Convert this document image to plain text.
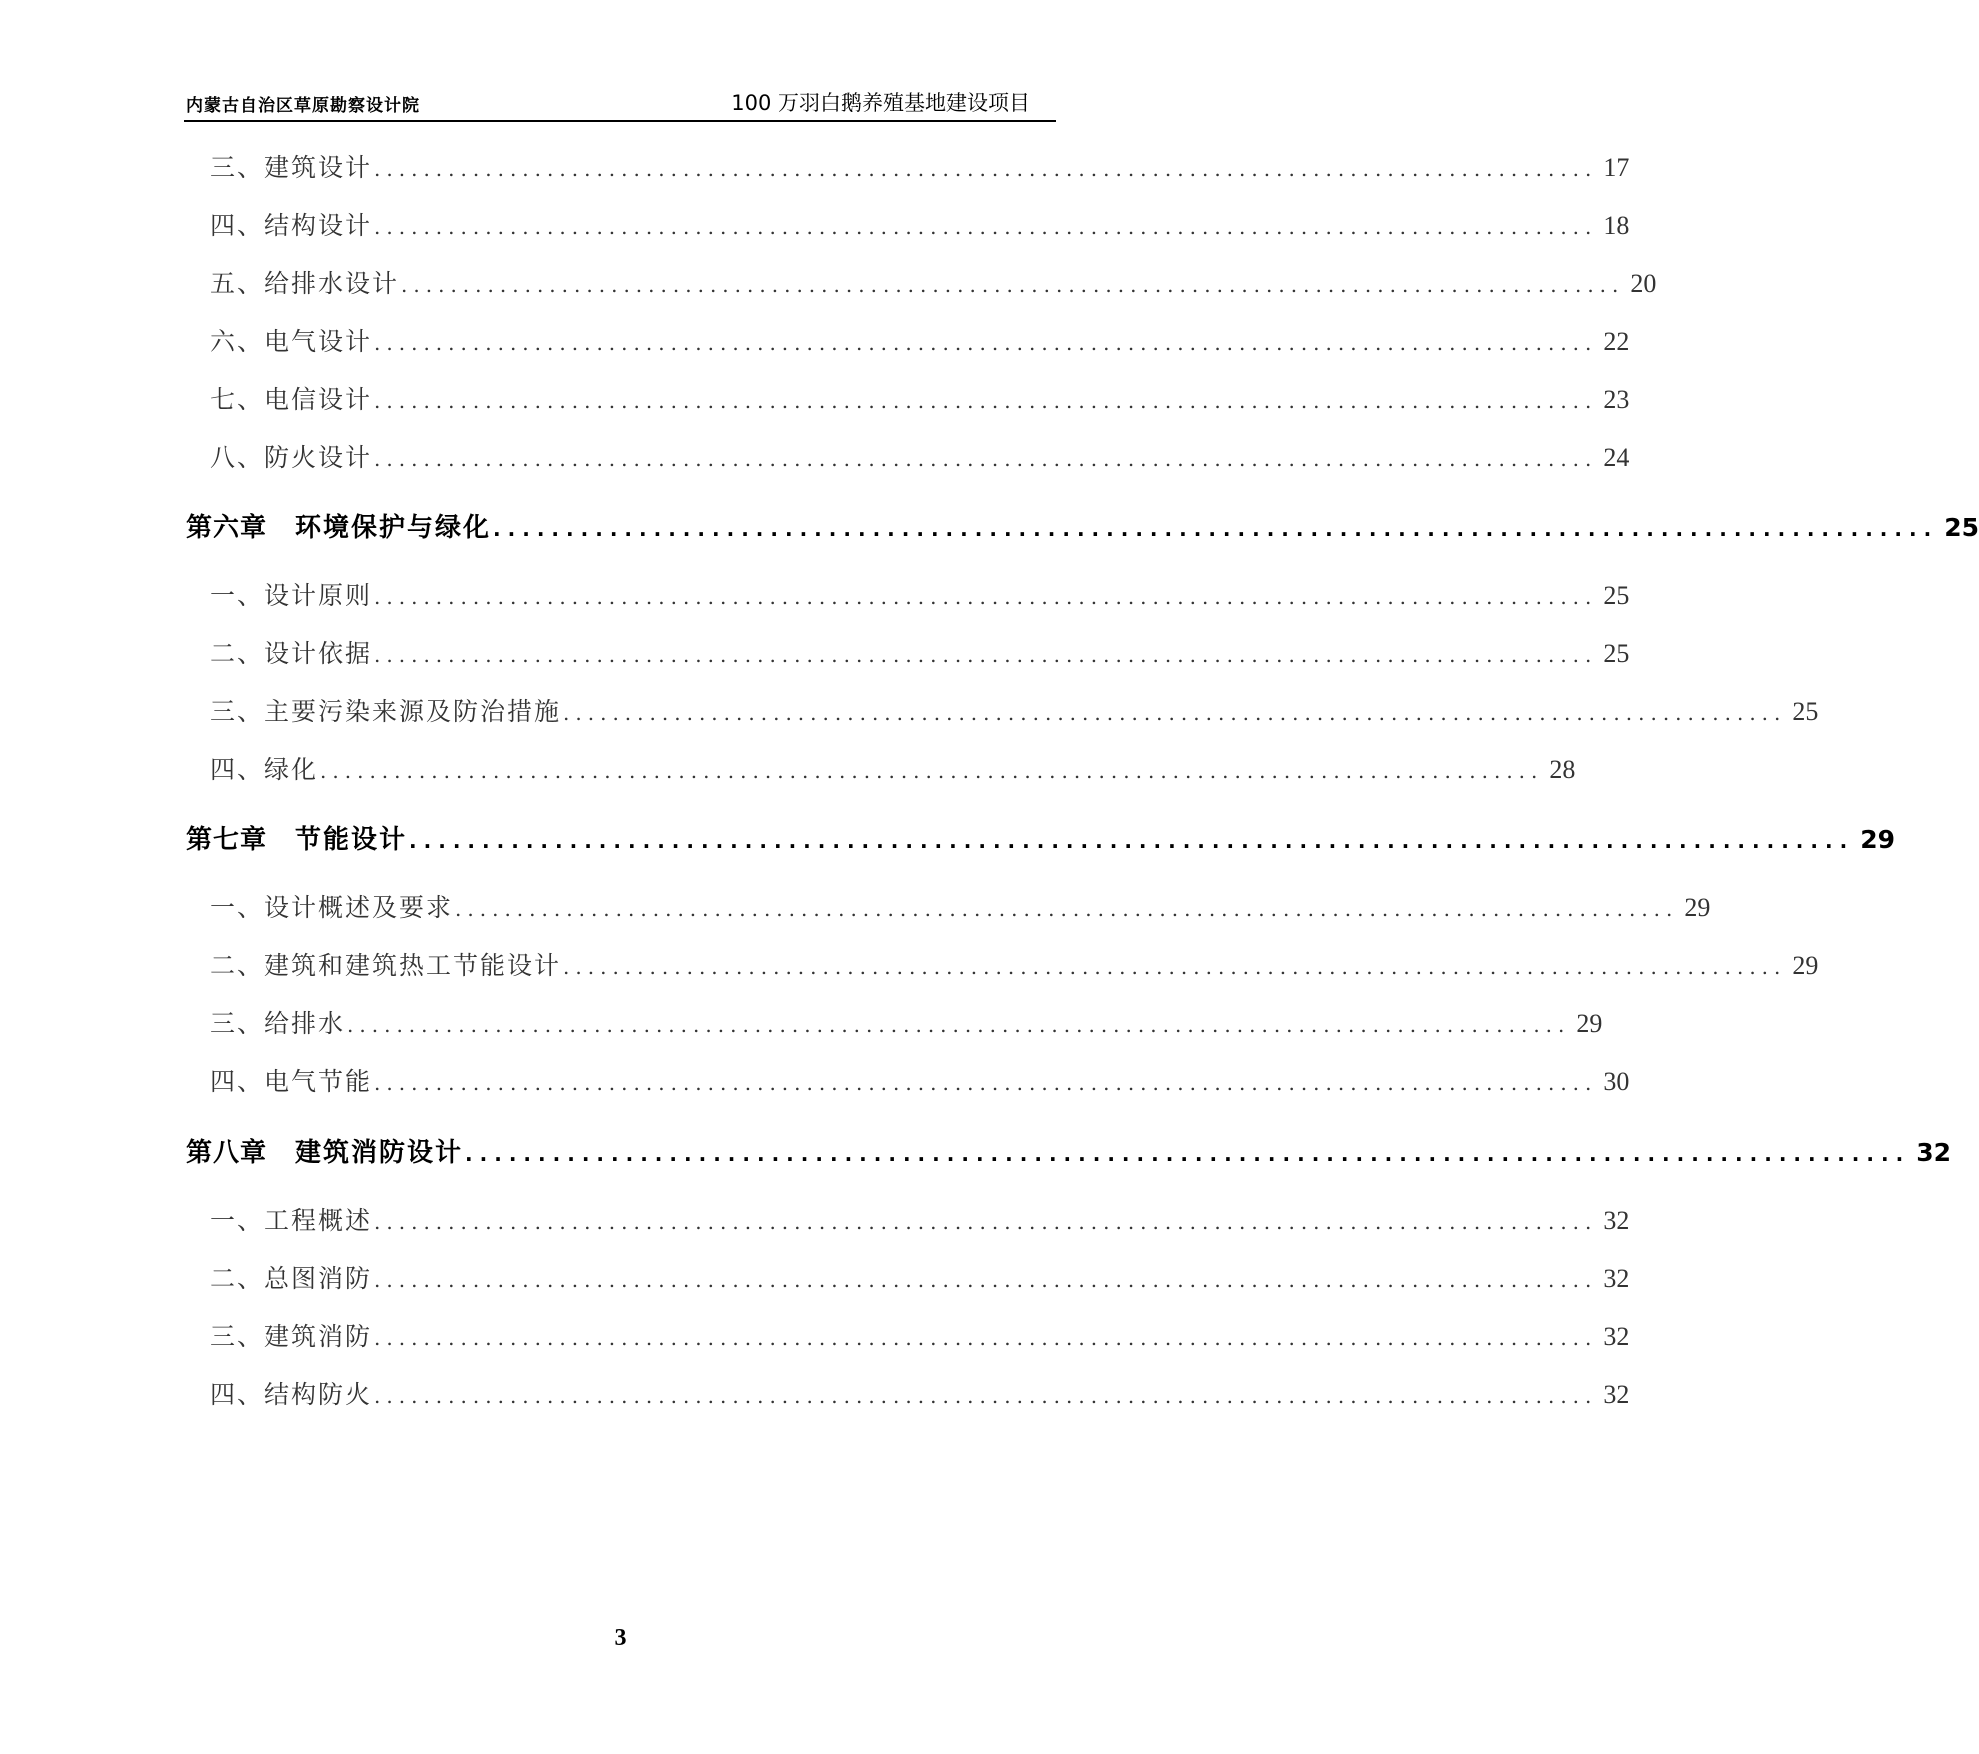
内蒙古自治区草原勘察设计院	100 万羽白鹅养殖基地建设项目
三、建筑设计 ................................................................................................... 17
四、结构设计 ................................................................................................... 18
五、给排水设计 ................................................................................................... 20
六、电气设计 ................................................................................................... 22
七、电信设计 ................................................................................................... 23
八、防火设计 ................................................................................................... 24
第六章 环境保护与绿化 ................................................................................................... 25
一、设计原则 ................................................................................................... 25
二、设计依据 ................................................................................................... 25
三、主要污染来源及防治措施 ................................................................................................... 25
四、绿化 ................................................................................................... 28
第七章 节能设计 ................................................................................................... 29
一、设计概述及要求 ................................................................................................... 29
二、建筑和建筑热工节能设计 ................................................................................................... 29
三、给排水 ................................................................................................... 29
四、电气节能 ................................................................................................... 30
第八章 建筑消防设计 ................................................................................................... 32
一、工程概述 ................................................................................................... 32
二、总图消防 ................................................................................................... 32
三、建筑消防 ................................................................................................... 32
四、结构防火 ................................................................................................... 32
3
